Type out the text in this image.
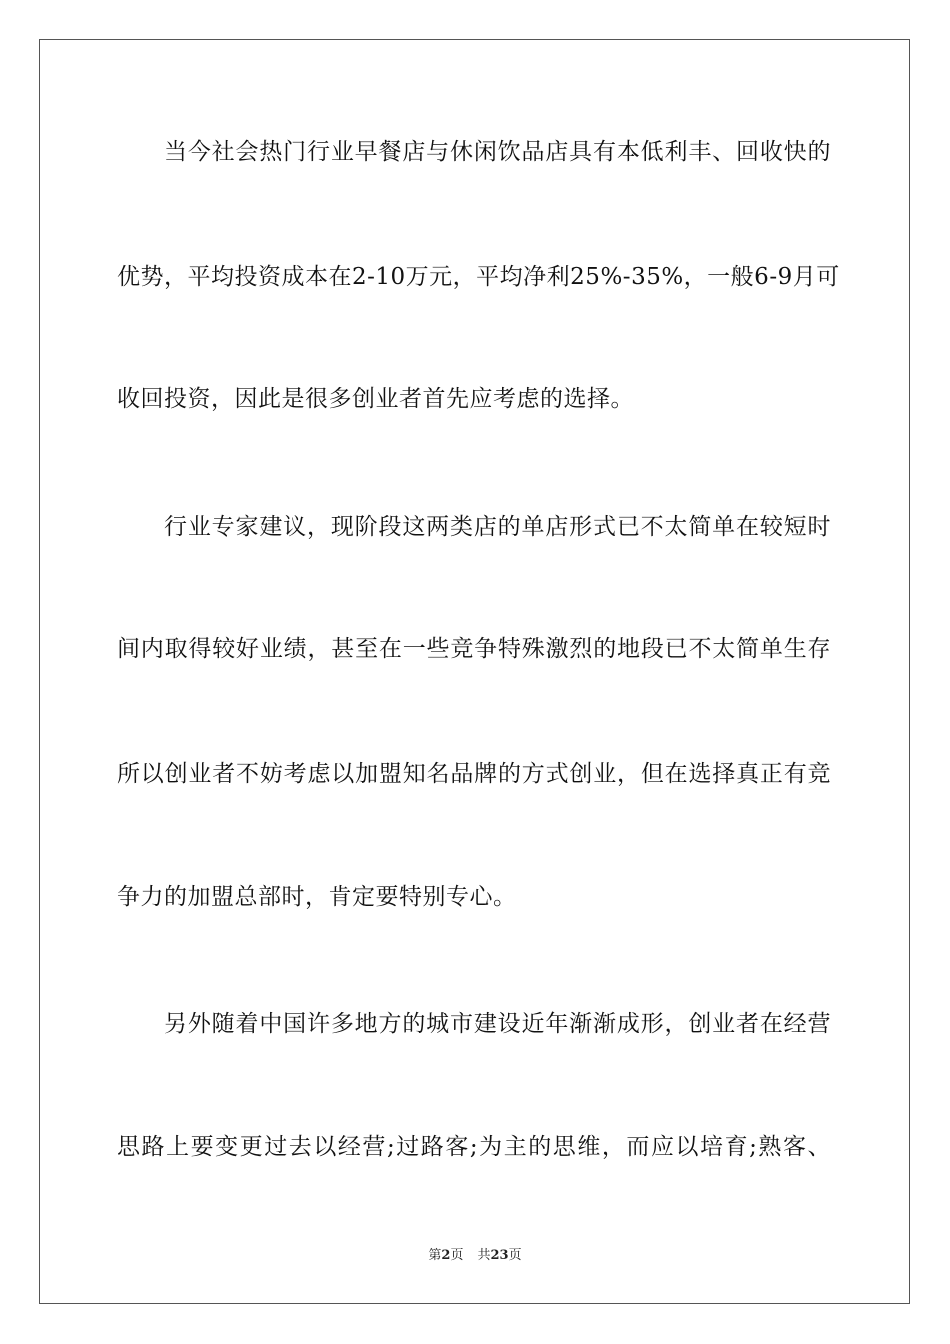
当今社会热门行业早餐店与休闲饮品店具有本低利丰、回收快的
优势，平均投资成本在2-10万元，平均净利25%-35%，一般6-9月可
收回投资，因此是很多创业者首先应考虑的选择。
行业专家建议，现阶段这两类店的单店形式已不太简单在较短时
间内取得较好业绩，甚至在一些竞争特殊激烈的地段已不太简单生存
所以创业者不妨考虑以加盟知名品牌的方式创业，但在选择真正有竞
争力的加盟总部时，肯定要特别专心。
另外随着中国许多地方的城市建设近年渐渐成形，创业者在经营
思路上要变更过去以经营;过路客;为主的思维，而应以培育;熟客、
第2页 共23页
